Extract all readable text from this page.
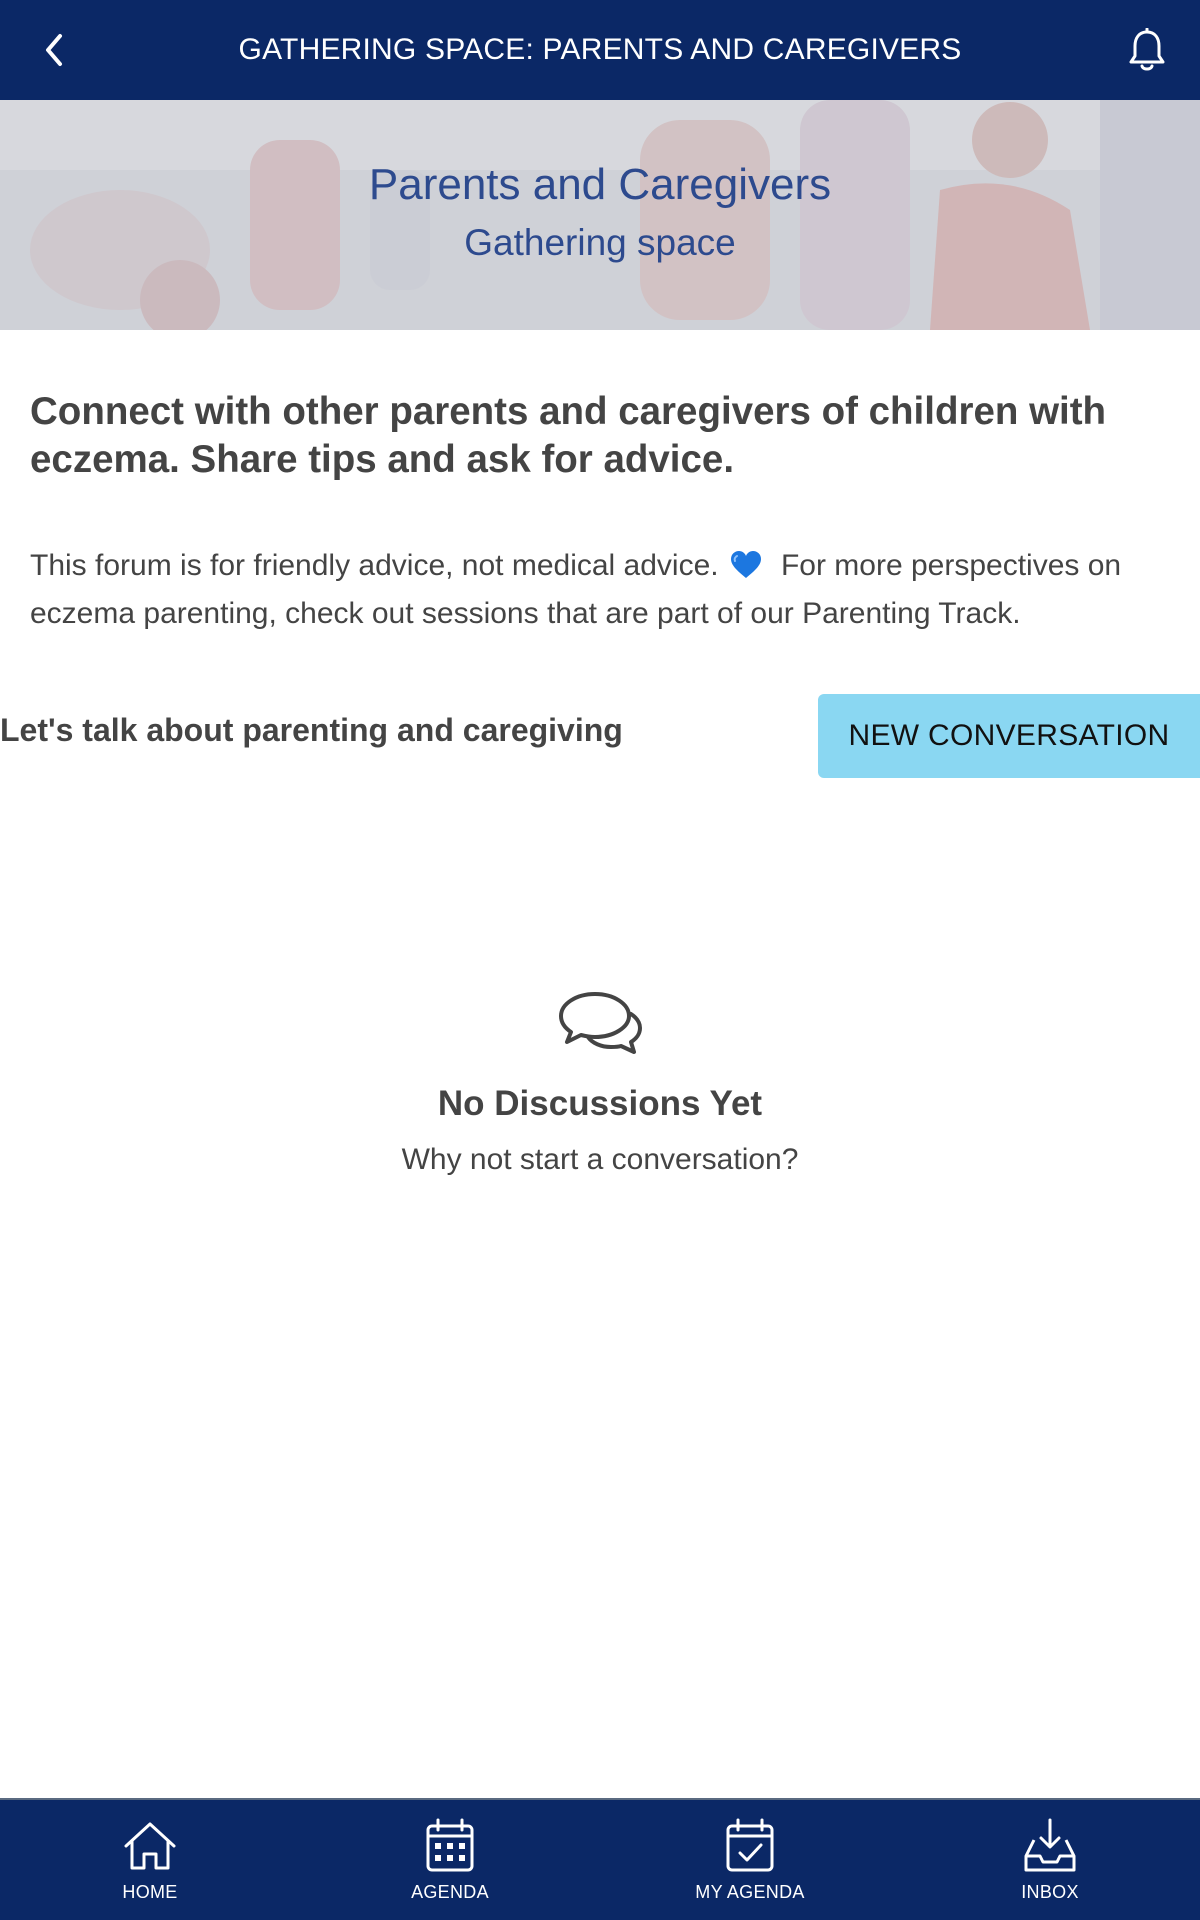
GATHERING SPACE: PARENTS AND CAREGIVERS
Parents and Caregivers
Gathering space
Connect with other parents and caregivers of children with eczema. Share tips and ask for advice.
This forum is for friendly advice, not medical advice. For more perspectives on eczema parenting, check out sessions that are part of our Parenting Track.
Let's talk about parenting and caregiving	NEW CONVERSATION
No Discussions Yet
Why not start a conversation?
HOME	AGENDA	MY AGENDA	INBOX
